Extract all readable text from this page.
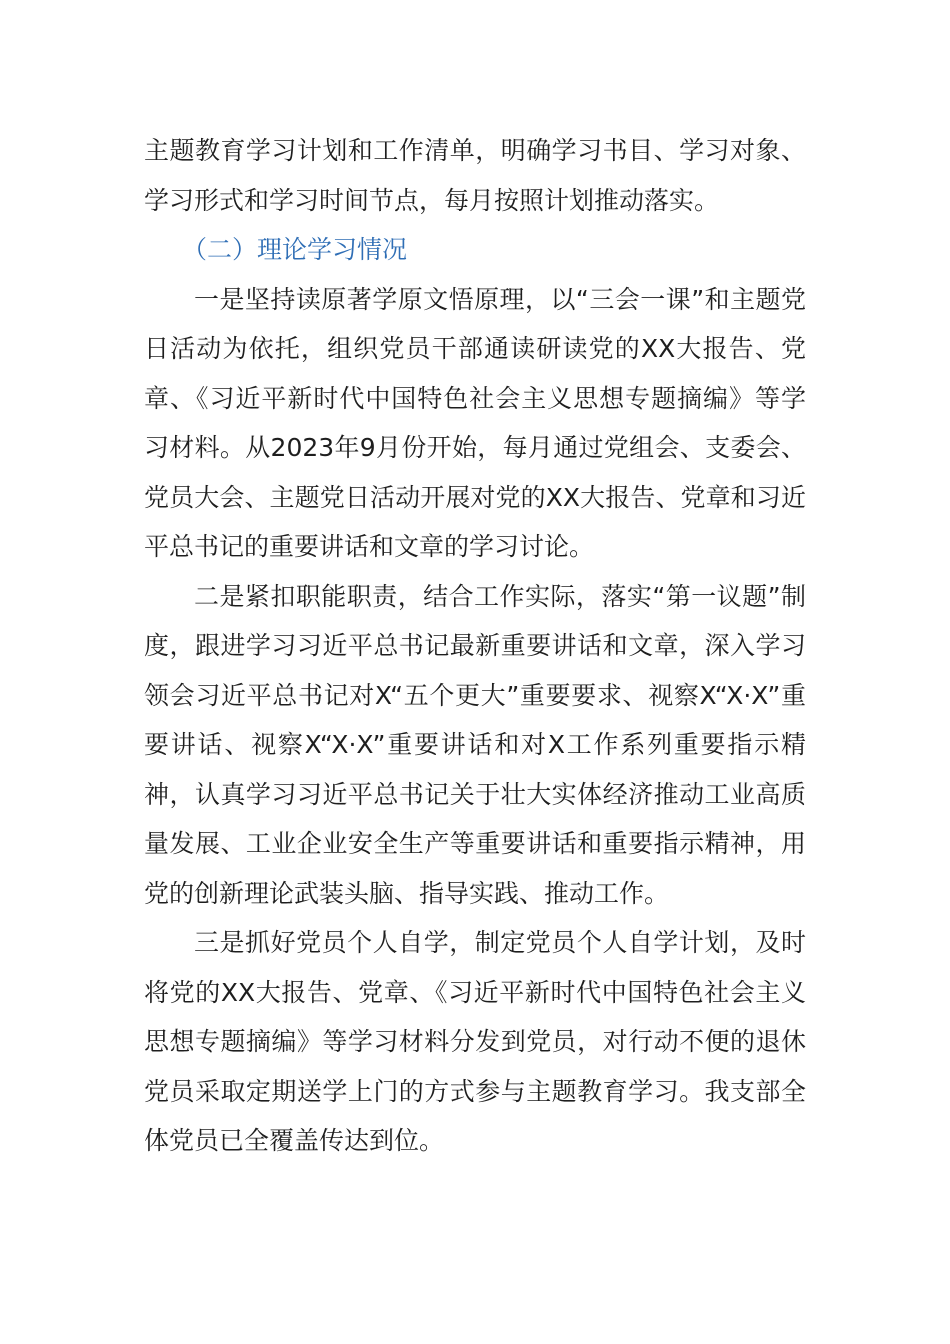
主题教育学习计划和工作清单，明确学习书目、学习对象、学习形式和学习时间节点，每月按照计划推动落实。

（二）理论学习情况

一是坚持读原著学原文悟原理，以“三会一课”和主题党日活动为依托，组织党员干部通读研读党的XX大报告、党章、《习近平新时代中国特色社会主义思想专题摘编》等学习材料。从2023年9月份开始，每月通过党组会、支委会、党员大会、主题党日活动开展对党的XX大报告、党章和习近平总书记的重要讲话和文章的学习讨论。

二是紧扣职能职责，结合工作实际，落实“第一议题”制度，跟进学习习近平总书记最新重要讲话和文章，深入学习领会习近平总书记对X“五个更大”重要要求、视察X“X·X”重要讲话、视察X“X·X”重要讲话和对X工作系列重要指示精神，认真学习习近平总书记关于壮大实体经济推动工业高质量发展、工业企业安全生产等重要讲话和重要指示精神，用党的创新理论武装头脑、指导实践、推动工作。

三是抓好党员个人自学，制定党员个人自学计划，及时将党的XX大报告、党章、《习近平新时代中国特色社会主义思想专题摘编》等学习材料分发到党员，对行动不便的退休党员采取定期送学上门的方式参与主题教育学习。我支部全体党员已全覆盖传达到位。
